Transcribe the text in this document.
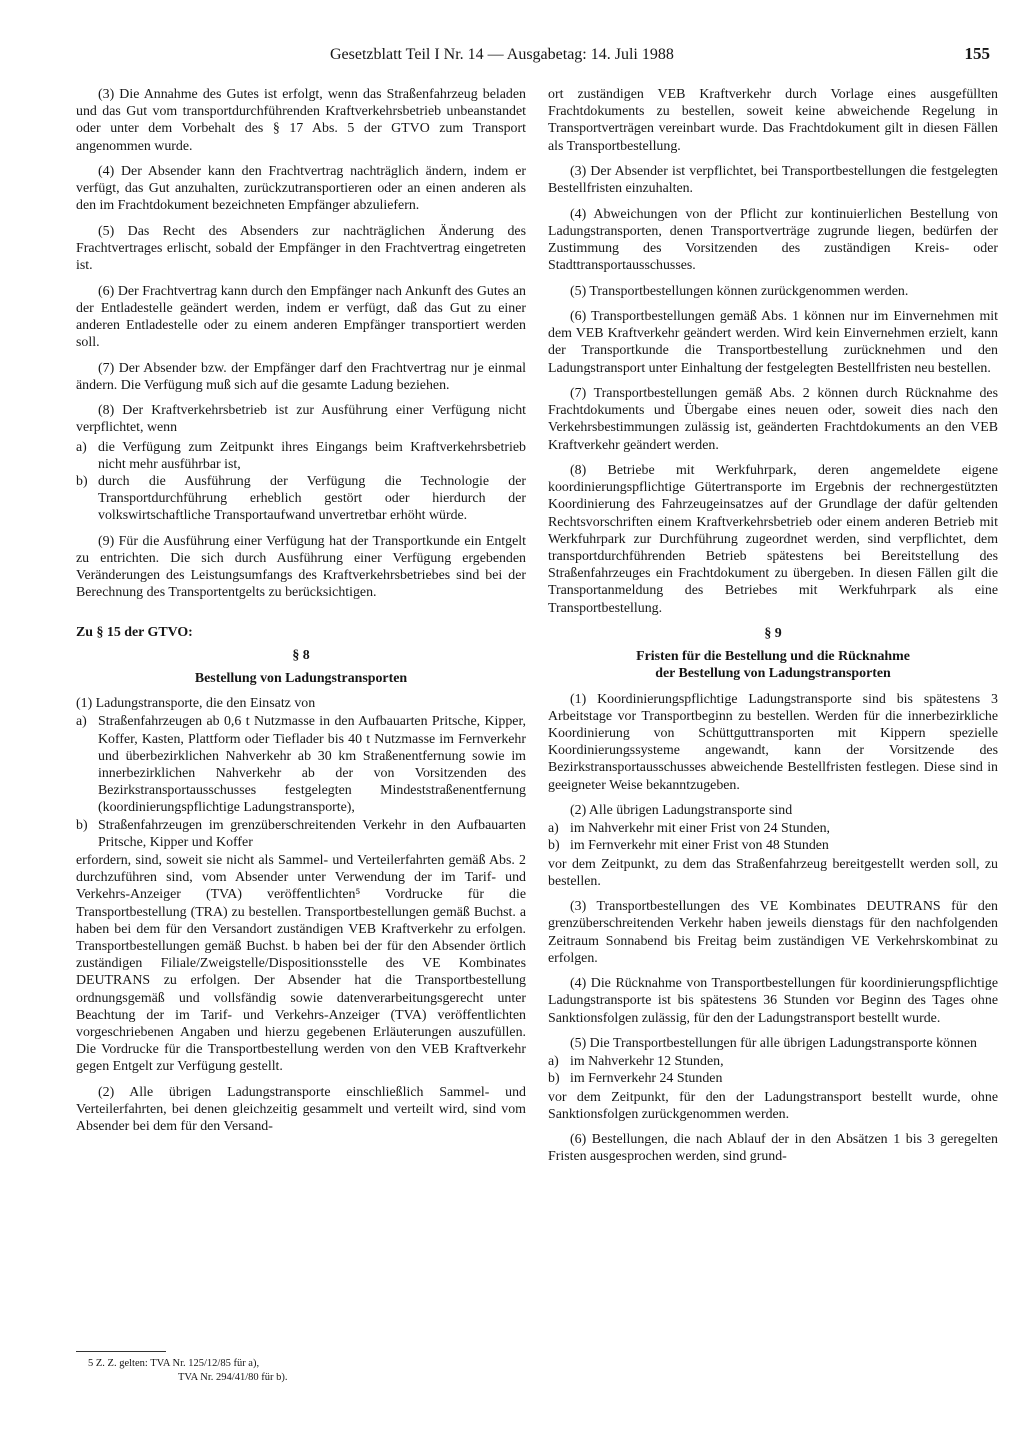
Gesetzblatt Teil I Nr. 14 — Ausgabetag: 14. Juli 1988	155

(3) Die Annahme des Gutes ist erfolgt, wenn das Straßenfahrzeug beladen und das Gut vom transportdurchführenden Kraftverkehrsbetrieb unbeanstandet oder unter dem Vorbehalt des § 17 Abs. 5 der GTVO zum Transport angenommen wurde.

(4) Der Absender kann den Frachtvertrag nachträglich ändern, indem er verfügt, das Gut anzuhalten, zurückzutransportieren oder an einen anderen als den im Frachtdokument bezeichneten Empfänger abzuliefern.

(5) Das Recht des Absenders zur nachträglichen Änderung des Frachtvertrages erlischt, sobald der Empfänger in den Frachtvertrag eingetreten ist.

(6) Der Frachtvertrag kann durch den Empfänger nach Ankunft des Gutes an der Entladestelle geändert werden, indem er verfügt, daß das Gut zu einer anderen Entladestelle oder zu einem anderen Empfänger transportiert werden soll.

(7) Der Absender bzw. der Empfänger darf den Frachtvertrag nur je einmal ändern. Die Verfügung muß sich auf die gesamte Ladung beziehen.

(8) Der Kraftverkehrsbetrieb ist zur Ausführung einer Verfügung nicht verpflichtet, wenn

a) die Verfügung zum Zeitpunkt ihres Eingangs beim Kraftverkehrsbetrieb nicht mehr ausführbar ist,
b) durch die Ausführung der Verfügung die Technologie der Transportdurchführung erheblich gestört oder hierdurch der volkswirtschaftliche Transportaufwand unvertretbar erhöht würde.

(9) Für die Ausführung einer Verfügung hat der Transportkunde ein Entgelt zu entrichten. Die sich durch Ausführung einer Verfügung ergebenden Veränderungen des Leistungsumfangs des Kraftverkehrsbetriebes sind bei der Berechnung des Transportentgelts zu berücksichtigen.

Zu § 15 der GTVO:
§ 8
Bestellung von Ladungstransporten

(1) Ladungstransporte, die den Einsatz von

a) Straßenfahrzeugen ab 0,6 t Nutzmasse in den Aufbauarten Pritsche, Kipper, Koffer, Kasten, Plattform oder Tieflader bis 40 t Nutzmasse im Fernverkehr und überbezirklichen Nahverkehr ab 30 km Straßenentfernung sowie im innerbezirklichen Nahverkehr ab der von Vorsitzenden des Bezirkstransportausschusses festgelegten Mindeststraßenentfernung (koordinierungspflichtige Ladungstransporte),
b) Straßenfahrzeugen im grenzüberschreitenden Verkehr in den Aufbauarten Pritsche, Kipper und Koffer

erfordern, sind, soweit sie nicht als Sammel- und Verteilerfahrten gemäß Abs. 2 durchzuführen sind, vom Absender unter Verwendung der im Tarif- und Verkehrs-Anzeiger (TVA) veröffentlichten⁵ Vordrucke für die Transportbestellung (TRA) zu bestellen. Transportbestellungen gemäß Buchst. a haben bei dem für den Versandort zuständigen VEB Kraftverkehr zu erfolgen. Transportbestellungen gemäß Buchst. b haben bei der für den Absender örtlich zuständigen Filiale/Zweigstelle/Dispositionsstelle des VE Kombinates DEUTRANS zu erfolgen. Der Absender hat die Transportbestellung ordnungsgemäß und vollsfändig sowie datenverarbeitungsgerecht unter Beachtung der im Tarif- und Verkehrs-Anzeiger (TVA) veröffentlichten vorgeschriebenen Angaben und hierzu gegebenen Erläuterungen auszufüllen. Die Vordrucke für die Transportbestellung werden von den VEB Kraftverkehr gegen Entgelt zur Verfügung gestellt.

(2) Alle übrigen Ladungstransporte einschließlich Sammel- und Verteilerfahrten, bei denen gleichzeitig gesammelt und verteilt wird, sind vom Absender bei dem für den Versand-

ort zuständigen VEB Kraftverkehr durch Vorlage eines ausgefüllten Frachtdokuments zu bestellen, soweit keine abweichende Regelung in Transportverträgen vereinbart wurde. Das Frachtdokument gilt in diesen Fällen als Transportbestellung.

(3) Der Absender ist verpflichtet, bei Transportbestellungen die festgelegten Bestellfristen einzuhalten.

(4) Abweichungen von der Pflicht zur kontinuierlichen Bestellung von Ladungstransporten, denen Transportverträge zugrunde liegen, bedürfen der Zustimmung des Vorsitzenden des zuständigen Kreis- oder Stadttransportausschusses.

(5) Transportbestellungen können zurückgenommen werden.

(6) Transportbestellungen gemäß Abs. 1 können nur im Einvernehmen mit dem VEB Kraftverkehr geändert werden. Wird kein Einvernehmen erzielt, kann der Transportkunde die Transportbestellung zurücknehmen und den Ladungstransport unter Einhaltung der festgelegten Bestellfristen neu bestellen.

(7) Transportbestellungen gemäß Abs. 2 können durch Rücknahme des Frachtdokuments und Übergabe eines neuen oder, soweit dies nach den Verkehrsbestimmungen zulässig ist, geänderten Frachtdokuments an den VEB Kraftverkehr geändert werden.

(8) Betriebe mit Werkfuhrpark, deren angemeldete eigene koordinierungspflichtige Gütertransporte im Ergebnis der rechnergestützten Koordinierung des Fahrzeugeinsatzes auf der Grundlage der dafür geltenden Rechtsvorschriften einem Kraftverkehrsbetrieb oder einem anderen Betrieb mit Werkfuhrpark zur Durchführung zugeordnet werden, sind verpflichtet, dem transportdurchführenden Betrieb spätestens bei Bereitstellung des Straßenfahrzeuges ein Frachtdokument zu übergeben. In diesen Fällen gilt die Transportanmeldung des Betriebes mit Werkfuhrpark als eine Transportbestellung.

§ 9
Fristen für die Bestellung und die Rücknahme
der Bestellung von Ladungstransporten

(1) Koordinierungspflichtige Ladungstransporte sind bis spätestens 3 Arbeitstage vor Transportbeginn zu bestellen. Werden für die innerbezirkliche Koordinierung von Schüttguttransporten mit Kippern spezielle Koordinierungssysteme angewandt, kann der Vorsitzende des Bezirkstransportausschusses abweichende Bestellfristen festlegen. Diese sind in geeigneter Weise bekanntzugeben.

(2) Alle übrigen Ladungstransporte sind

a) im Nahverkehr mit einer Frist von 24 Stunden,
b) im Fernverkehr mit einer Frist von 48 Stunden

vor dem Zeitpunkt, zu dem das Straßenfahrzeug bereitgestellt werden soll, zu bestellen.

(3) Transportbestellungen des VE Kombinates DEUTRANS für den grenzüberschreitenden Verkehr haben jeweils dienstags für den nachfolgenden Zeitraum Sonnabend bis Freitag beim zuständigen VE Verkehrskombinat zu erfolgen.

(4) Die Rücknahme von Transportbestellungen für koordinierungspflichtige Ladungstransporte ist bis spätestens 36 Stunden vor Beginn des Tages ohne Sanktionsfolgen zulässig, für den der Ladungstransport bestellt wurde.

(5) Die Transportbestellungen für alle übrigen Ladungstransporte können

a) im Nahverkehr 12 Stunden,
b) im Fernverkehr 24 Stunden

vor dem Zeitpunkt, für den der Ladungstransport bestellt wurde, ohne Sanktionsfolgen zurückgenommen werden.

(6) Bestellungen, die nach Ablauf der in den Absätzen 1 bis 3 geregelten Fristen ausgesprochen werden, sind grund-

5 Z. Z. gelten: TVA Nr. 125/12/85 für a),
TVA Nr. 294/41/80 für b).
